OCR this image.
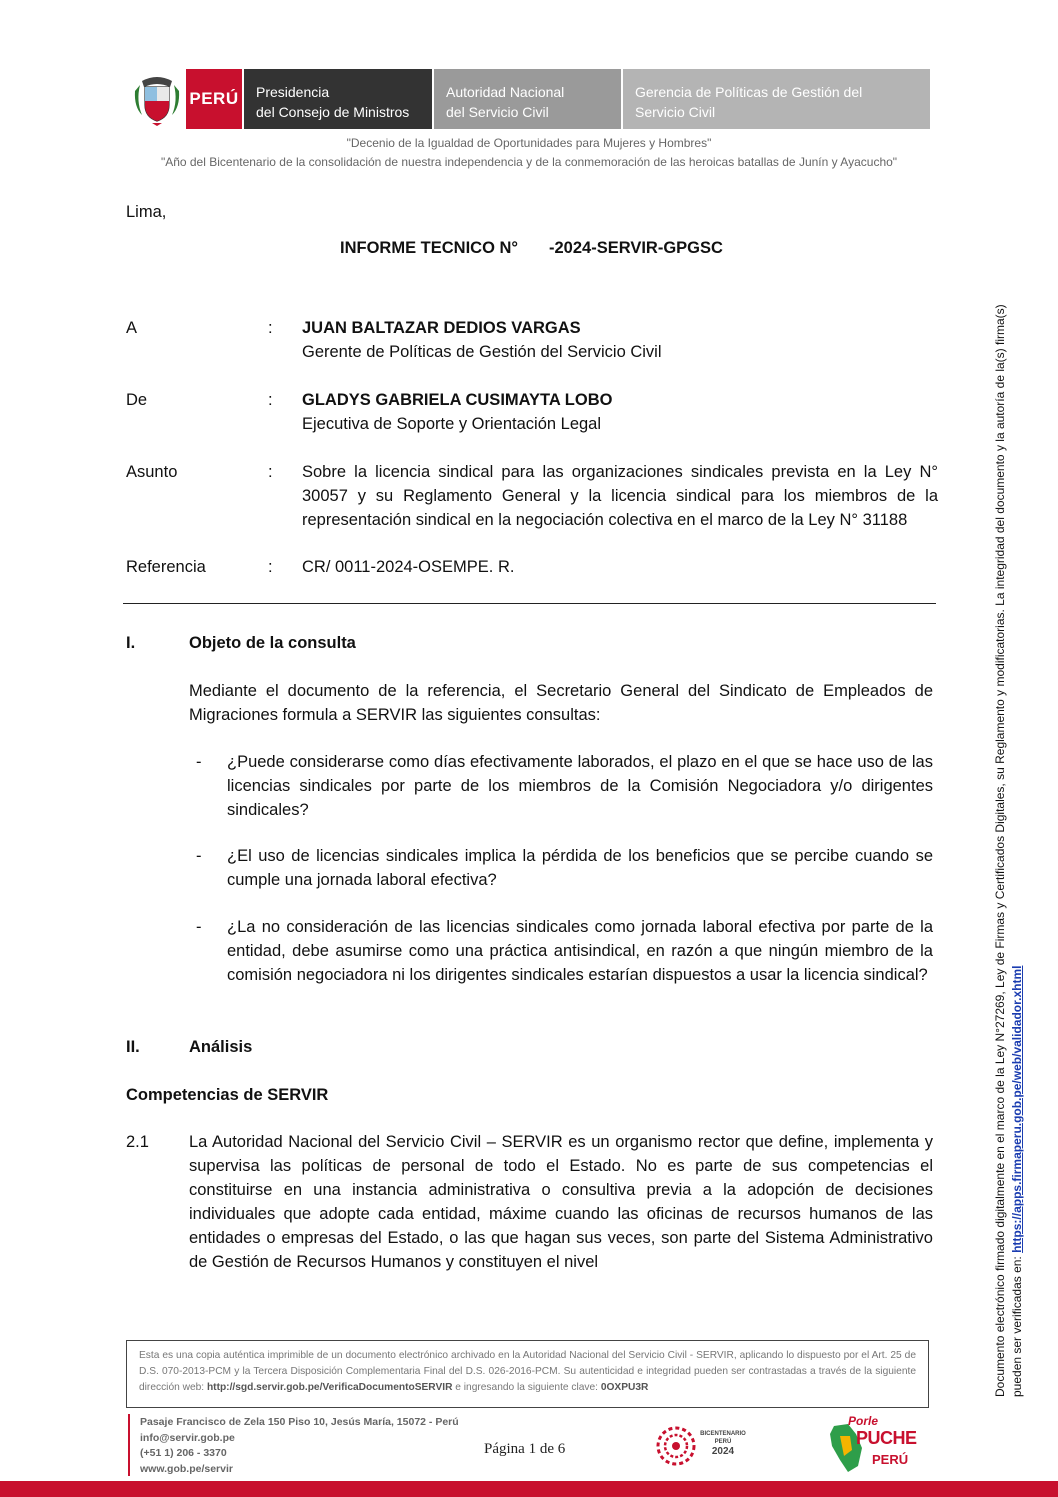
PERÚ Presidencia
del Consejo de Ministros
Autoridad Nacional
del Servicio Civil
Gerencia de Políticas de Gestión del
Servicio Civil
"Decenio de la Igualdad de Oportunidades para Mujeres y Hombres"
"Año del Bicentenario de la consolidación de nuestra independencia y de la conmemoración de las heroicas batallas de Junín y Ayacucho"
Lima,
INFORME TECNICO N° -2024-SERVIR-GPGSC
A	: JUAN BALTAZAR DEDIOS VARGAS
Gerente de Políticas de Gestión del Servicio Civil
De	: GLADYS GABRIELA CUSIMAYTA LOBO
Ejecutiva de Soporte y Orientación Legal
Asunto	: Sobre la licencia sindical para las organizaciones sindicales prevista en la Ley N° 30057 y su Reglamento General y la licencia sindical para los miembros de la representación sindical en la negociación colectiva en el marco de la Ley N° 31188
Referencia	: CR/ 0011-2024-OSEMPE. R.
I.	Objeto de la consulta
Mediante el documento de la referencia, el Secretario General del Sindicato de Empleados de Migraciones formula a SERVIR las siguientes consultas:
- ¿Puede considerarse como días efectivamente laborados, el plazo en el que se hace uso de las licencias sindicales por parte de los miembros de la Comisión Negociadora y/o dirigentes sindicales?
- ¿El uso de licencias sindicales implica la pérdida de los beneficios que se percibe cuando se cumple una jornada laboral efectiva?
- ¿La no consideración de las licencias sindicales como jornada laboral efectiva por parte de la entidad, debe asumirse como una práctica antisindical, en razón a que ningún miembro de la comisión negociadora ni los dirigentes sindicales estarían dispuestos a usar la licencia sindical?
II.	Análisis
Competencias de SERVIR
2.1 La Autoridad Nacional del Servicio Civil – SERVIR es un organismo rector que define, implementa y supervisa las políticas de personal de todo el Estado. No es parte de sus competencias el constituirse en una instancia administrativa o consultiva previa a la adopción de decisiones individuales que adopte cada entidad, máxime cuando las oficinas de recursos humanos de las entidades o empresas del Estado, o las que hagan sus veces, son parte del Sistema Administrativo de Gestión de Recursos Humanos y constituyen el nivel	Documento electrónico firmado digitalmente en el marco de la Ley N°27269, Ley de Firmas y Certificados Digitales, su Reglamento y modificatorias. La integridad del documento y la autoría de la(s) firma(s) pueden ser verificadas en: https://apps.firmaperu.gob.pe/web/validador.xhtml
Esta es una copia auténtica imprimible de un documento electrónico archivado en la Autoridad Nacional del Servicio Civil - SERVIR, aplicando lo dispuesto por el Art. 25 de D.S. 070-2013-PCM y la Tercera Disposición Complementaria Final del D.S. 026-2016-PCM. Su autenticidad e integridad pueden ser contrastadas a través de la siguiente dirección web: http://sgd.servir.gob.pe/VerificaDocumentoSERVIR e ingresando la siguiente clave: 0OXPU3R
Pasaje Francisco de Zela 150 Piso 10, Jesús María, 15072 - Perú
info@servir.gob.pe
(+51 1) 206 - 3370
www.gob.pe/servir
Página 1 de 6
BICENTENARIO
PERÚ
2024
Porle
PUCHE
PERÚ
